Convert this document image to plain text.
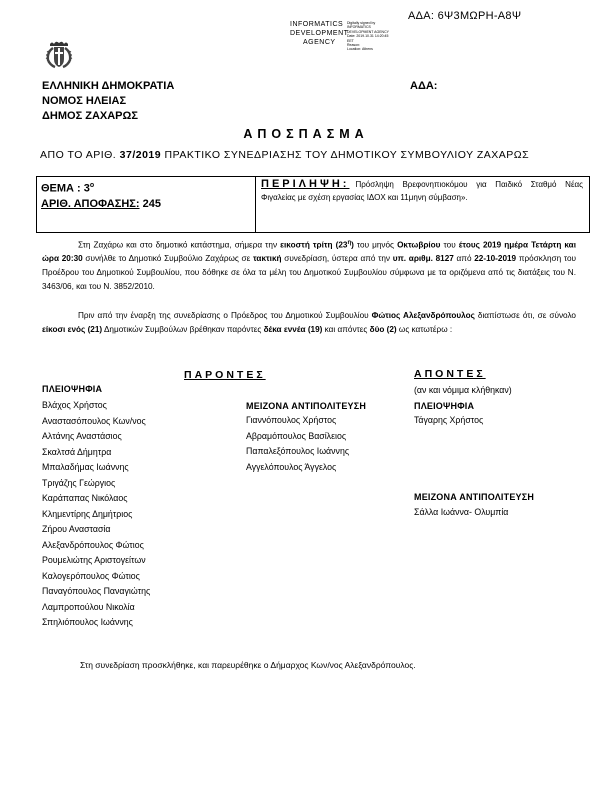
ΑΔΑ: 6Ψ3ΜΩΡΗ-Α8Ψ
INFORMATICS
DEVELOPMENT
AGENCY
Digitally signed by
INFORMATICS
DEVELOPMENT AGENCY
Date: 2019.10.31 14:20:45
EET
Reason:
Location: Athens
ΕΛΛΗΝΙΚΗ ΔΗΜΟΚΡΑΤΙΑ
ΝΟΜΟΣ ΗΛΕΙΑΣ
ΔΗΜΟΣ ΖΑΧΑΡΩΣ
ΑΔΑ:
ΑΠΟΣΠΑΣΜΑ
ΑΠΟ ΤΟ ΑΡΙΘ. 37/2019 ΠΡΑΚΤΙΚΟ ΣΥΝΕΔΡΙΑΣΗΣ ΤΟΥ ΔΗΜΟΤΙΚΟΥ ΣΥΜΒΟΥΛΙΟΥ ΖΑΧΑΡΩΣ
ΘΕΜΑ : $3^o$
ΑΡΙΘ. ΑΠΟΦΑΣΗΣ: 245
ΠΕΡΙΛΗΨΗ: Πρόσληψη Βρεφονηπιοκόμου για Παιδικό Σταθμό Νέας Φιγαλείας με σχέση εργασίας ΙΔΟΧ και 11μηνη σύμβαση».
Στη Ζαχάρω και στο δημοτικό κατάστημα, σήμερα την εικοστή τρίτη $(23^\eta)$ του μηνός Οκτωβρίου του έτους 2019 ημέρα Τετάρτη και ώρα 20:30 συνήλθε το Δημοτικό Συμβούλιο Ζαχάρως σε τακτική συνεδρίαση, ύστερα από την υπ. αριθμ. 8127 από 22-10-2019 πρόσκληση του Προέδρου του Δημοτικού Συμβουλίου, που δόθηκε σε όλα τα μέλη του Δημοτικού Συμβουλίου σύμφωνα με τα οριζόμενα από τις διατάξεις του Ν. 3463/06, και του Ν. 3852/2010.
Πριν από την έναρξη της συνεδρίασης ο Πρόεδρος του Δημοτικού Συμβουλίου Φώτιος Αλεξανδρόπουλος διαπίστωσε ότι, σε σύνολο είκοσι ενός (21) Δημοτικών Συμβούλων βρέθηκαν παρόντες δέκα εννέα (19) και απόντες δύο (2) ως κατωτέρω :
ΠΑΡΟΝΤΕΣ	ΑΠΟΝΤΕΣ
(αν και νόμιμα κλήθηκαν)
ΠΛΕΙΟΨΗΦΙΑ
Βλάχος Χρήστος
Αναστασόπουλος Κων/νος
Αλτάνης Αναστάσιος
Σκαλτσά Δήμητρα
Μπαλαδήμας Ιωάννης
Τριγάζης Γεώργιος
Καράπαπας Νικόλαος
Κλημεντίρης Δημήτριος
Ζήρου Αναστασία
Αλεξανδρόπουλος Φώτιος
Ρουμελιώτης Αριστογείτων
Καλογερόπουλος Φώτιος
Παναγόπουλος Παναγιώτης
Λαμπροπούλου Νικολία
Σπηλιόπουλος Ιωάννης
ΜΕΙΖΟΝΑ ΑΝΤΙΠΟΛΙΤΕΥΣΗ
Γιαννόπουλος Χρήστος
Αβραμόπουλος Βασίλειος
Παπαλεξόπουλος Ιωάννης
Αγγελόπουλος Άγγελος
ΠΛΕΙΟΨΗΦΙΑ
Τάγαρης Χρήστος
ΜΕΙΖΟΝΑ ΑΝΤΙΠΟΛΙΤΕΥΣΗ
Σάλλα Ιωάννα- Ολυμπία
Στη συνεδρίαση προσκλήθηκε, και παρευρέθηκε ο Δήμαρχος Κων/νος Αλεξανδρόπουλος.
